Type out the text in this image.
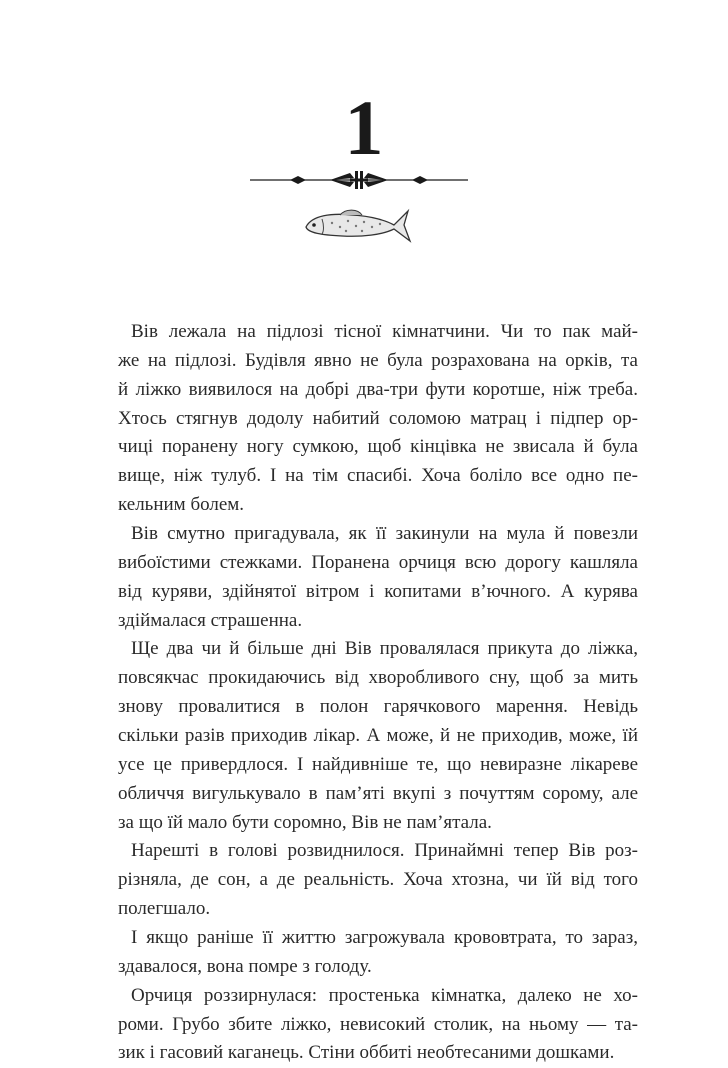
1
Вів лежала на підлозі тісної кімнатчини. Чи то пак май-
же на підлозі. Будівля явно не була розрахована на орків, та
й ліжко виявилося на добрі два-три фути коротше, ніж треба.
Хтось стягнув додолу набитий соломою матрац і підпер ор-
чиці поранену ногу сумкою, щоб кінцівка не звисала й була
вище, ніж тулуб. І на тім спасибі. Хоча боліло все одно пе-
кельним болем.
Вів смутно пригадувала, як її закинули на мула й повезли
вибоїстими стежками. Поранена орчиця всю дорогу кашляла
від куряви, здійнятої вітром і копитами в’ючного. А курява
здіймалася страшенна.
Ще два чи й більше дні Вів провалялася прикута до ліжка,
повсякчас прокидаючись від хворобливого сну, щоб за мить
знову провалитися в полон гарячкового марення. Невідь
скільки разів приходив лікар. А може, й не приходив, може, їй
усе це привердлося. І найдивніше те, що невиразне лікареве
обличчя вигулькувало в пам’яті вкупі з почуттям сорому, але
за що їй мало бути соромно, Вів не пам’ятала.
Нарешті в голові розвиднилося. Принаймні тепер Вів роз-
різняла, де сон, а де реальність. Хоча хтозна, чи їй від того
полегшало.
І якщо раніше її життю загрожувала крововтрата, то зараз,
здавалося, вона помре з голоду.
Орчиця роззирнулася: простенька кімнатка, далеко не хо-
роми. Грубо збите ліжко, невисокий столик, на ньому — та-
зик і гасовий каганець. Стіни оббиті необтесаними дошками.
